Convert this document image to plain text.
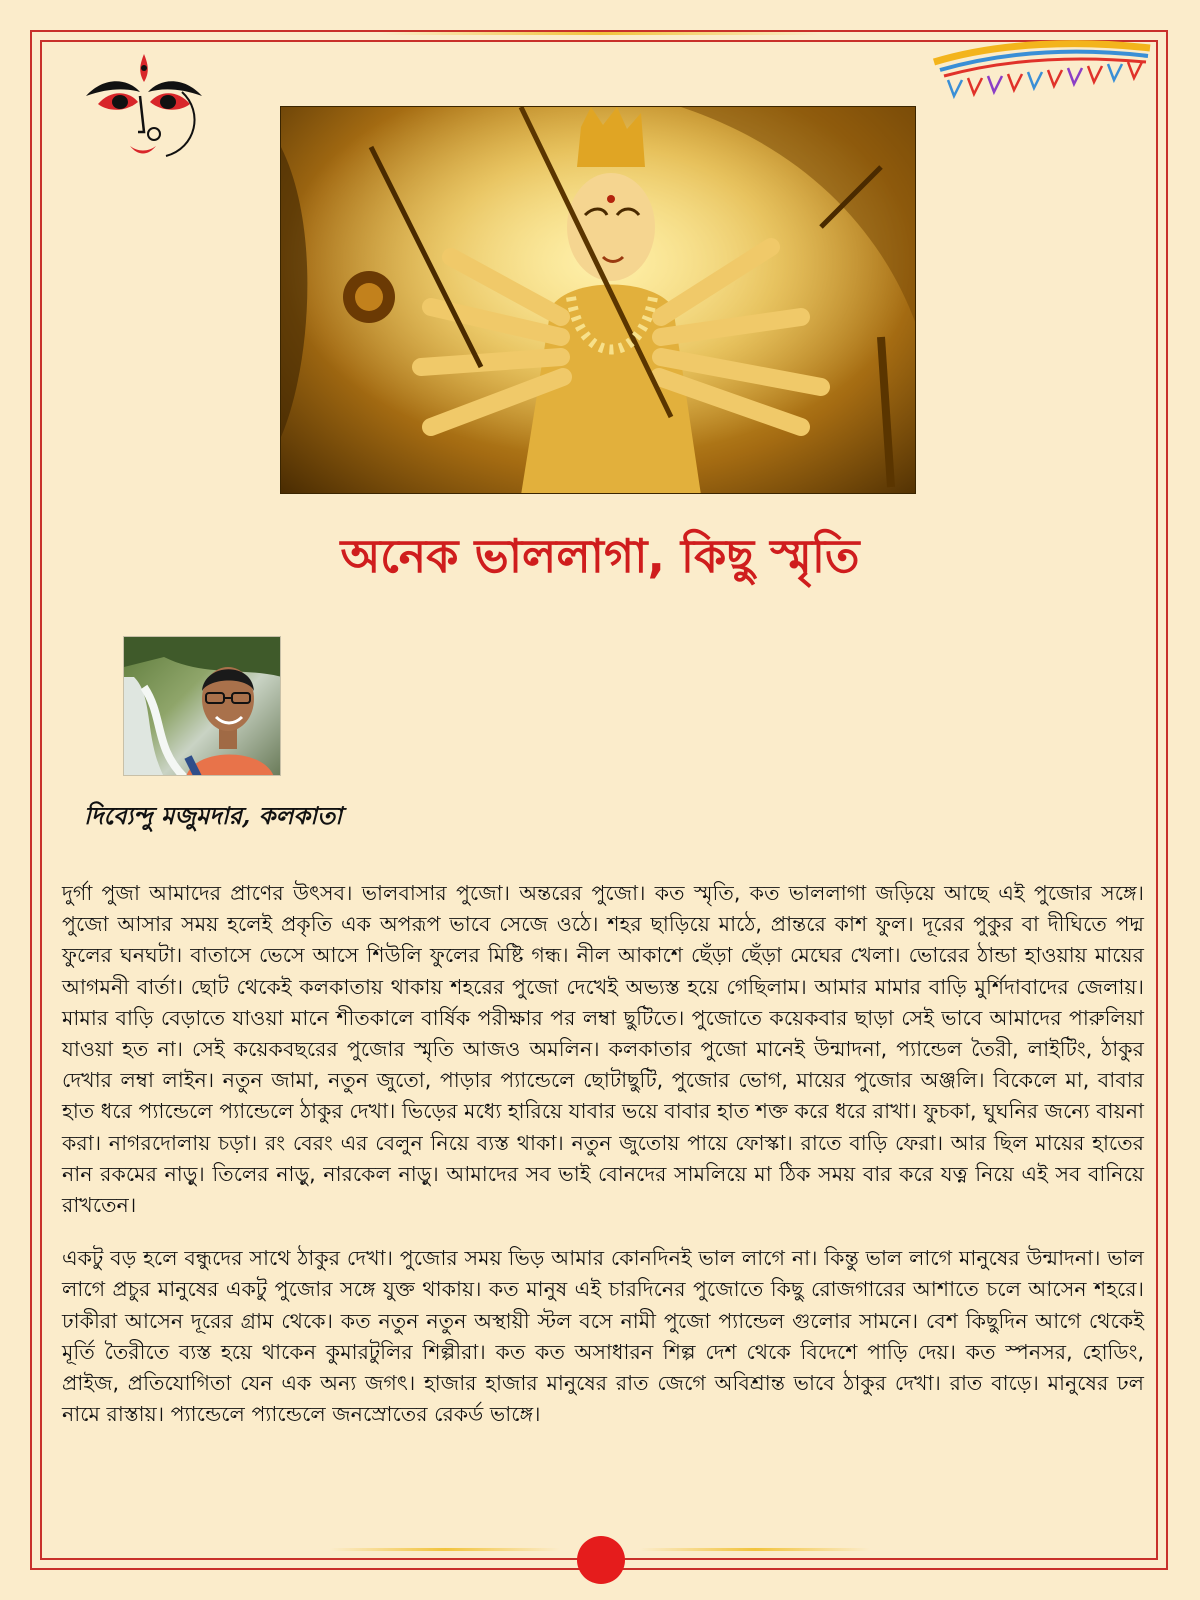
অনেক ভাললাগা, কিছু স্মৃতি
দিব্যেন্দু মজুমদার, কলকাতা

দুর্গা পুজা আমাদের প্রাণের উৎসব। ভালবাসার পুজো। অন্তরের পুজো। কত স্মৃতি, কত ভাললাগা জড়িয়ে আছে এই পুজোর সঙ্গে। পুজো আসার সময় হলেই প্রকৃতি এক অপরূপ ভাবে সেজে ওঠে। শহর ছাড়িয়ে মাঠে, প্রান্তরে কাশ ফুল। দূরের পুকুর বা দীঘিতে পদ্ম ফুলের ঘনঘটা। বাতাসে ভেসে আসে শিউলি ফুলের মিষ্টি গন্ধ। নীল আকাশে ছেঁড়া ছেঁড়া মেঘের খেলা। ভোরের ঠান্ডা হাওয়ায় মায়ের আগমনী বার্তা। ছোট থেকেই কলকাতায় থাকায় শহরের পুজো দেখেই অভ্যস্ত হয়ে গেছিলাম। আমার মামার বাড়ি মুর্শিদাবাদের জেলায়। মামার বাড়ি বেড়াতে যাওয়া মানে শীতকালে বার্ষিক পরীক্ষার পর লম্বা ছুটিতে। পুজোতে কয়েকবার ছাড়া সেই ভাবে আমাদের পারুলিয়া যাওয়া হত না। সেই কয়েকবছরের পুজোর স্মৃতি আজও অমলিন। কলকাতার পুজো মানেই উন্মাদনা, প্যান্ডেল তৈরী, লাইটিং, ঠাকুর দেখার লম্বা লাইন। নতুন জামা, নতুন জুতো, পাড়ার প্যান্ডেলে ছোটাছুটি, পুজোর ভোগ, মায়ের পুজোর অঞ্জলি। বিকেলে মা, বাবার হাত ধরে প্যান্ডেলে প্যান্ডেলে ঠাকুর দেখা। ভিড়ের মধ্যে হারিয়ে যাবার ভয়ে বাবার হাত শক্ত করে ধরে রাখা। ফুচকা, ঘুঘনির জন্যে বায়না করা। নাগরদোলায় চড়া। রং বেরং এর বেলুন নিয়ে ব্যস্ত থাকা। নতুন জুতোয় পায়ে ফোস্কা। রাতে বাড়ি ফেরা। আর ছিল মায়ের হাতের নান রকমের নাড়ু। তিলের নাড়ু, নারকেল নাড়ু। আমাদের সব ভাই বোনদের সামলিয়ে মা ঠিক সময় বার করে যত্ন নিয়ে এই সব বানিয়ে রাখতেন।

একটু বড় হলে বন্ধুদের সাথে ঠাকুর দেখা। পুজোর সময় ভিড় আমার কোনদিনই ভাল লাগে না। কিন্তু ভাল লাগে মানুষের উন্মাদনা। ভাল লাগে প্রচুর মানুষের একটু পুজোর সঙ্গে যুক্ত থাকায়। কত মানুষ এই চারদিনের পুজোতে কিছু রোজগারের আশাতে চলে আসেন শহরে। ঢাকীরা আসেন দূরের গ্রাম থেকে। কত নতুন নতুন অস্থায়ী স্টল বসে নামী পুজো প্যান্ডেল গুলোর সামনে। বেশ কিছুদিন আগে থেকেই মূর্তি তৈরীতে ব্যস্ত হয়ে থাকেন কুমারটুলির শিল্পীরা। কত কত অসাধারন শিল্প দেশ থেকে বিদেশে পাড়ি দেয়। কত স্পনসর, হোডিং, প্রাইজ, প্রতিযোগিতা যেন এক অন্য জগৎ। হাজার হাজার মানুষের রাত জেগে অবিশ্রান্ত ভাবে ঠাকুর দেখা। রাত বাড়ে। মানুষের ঢল নামে রাস্তায়। প্যান্ডেলে প্যান্ডেলে জনস্রোতের রেকর্ড ভাঙ্গে।
